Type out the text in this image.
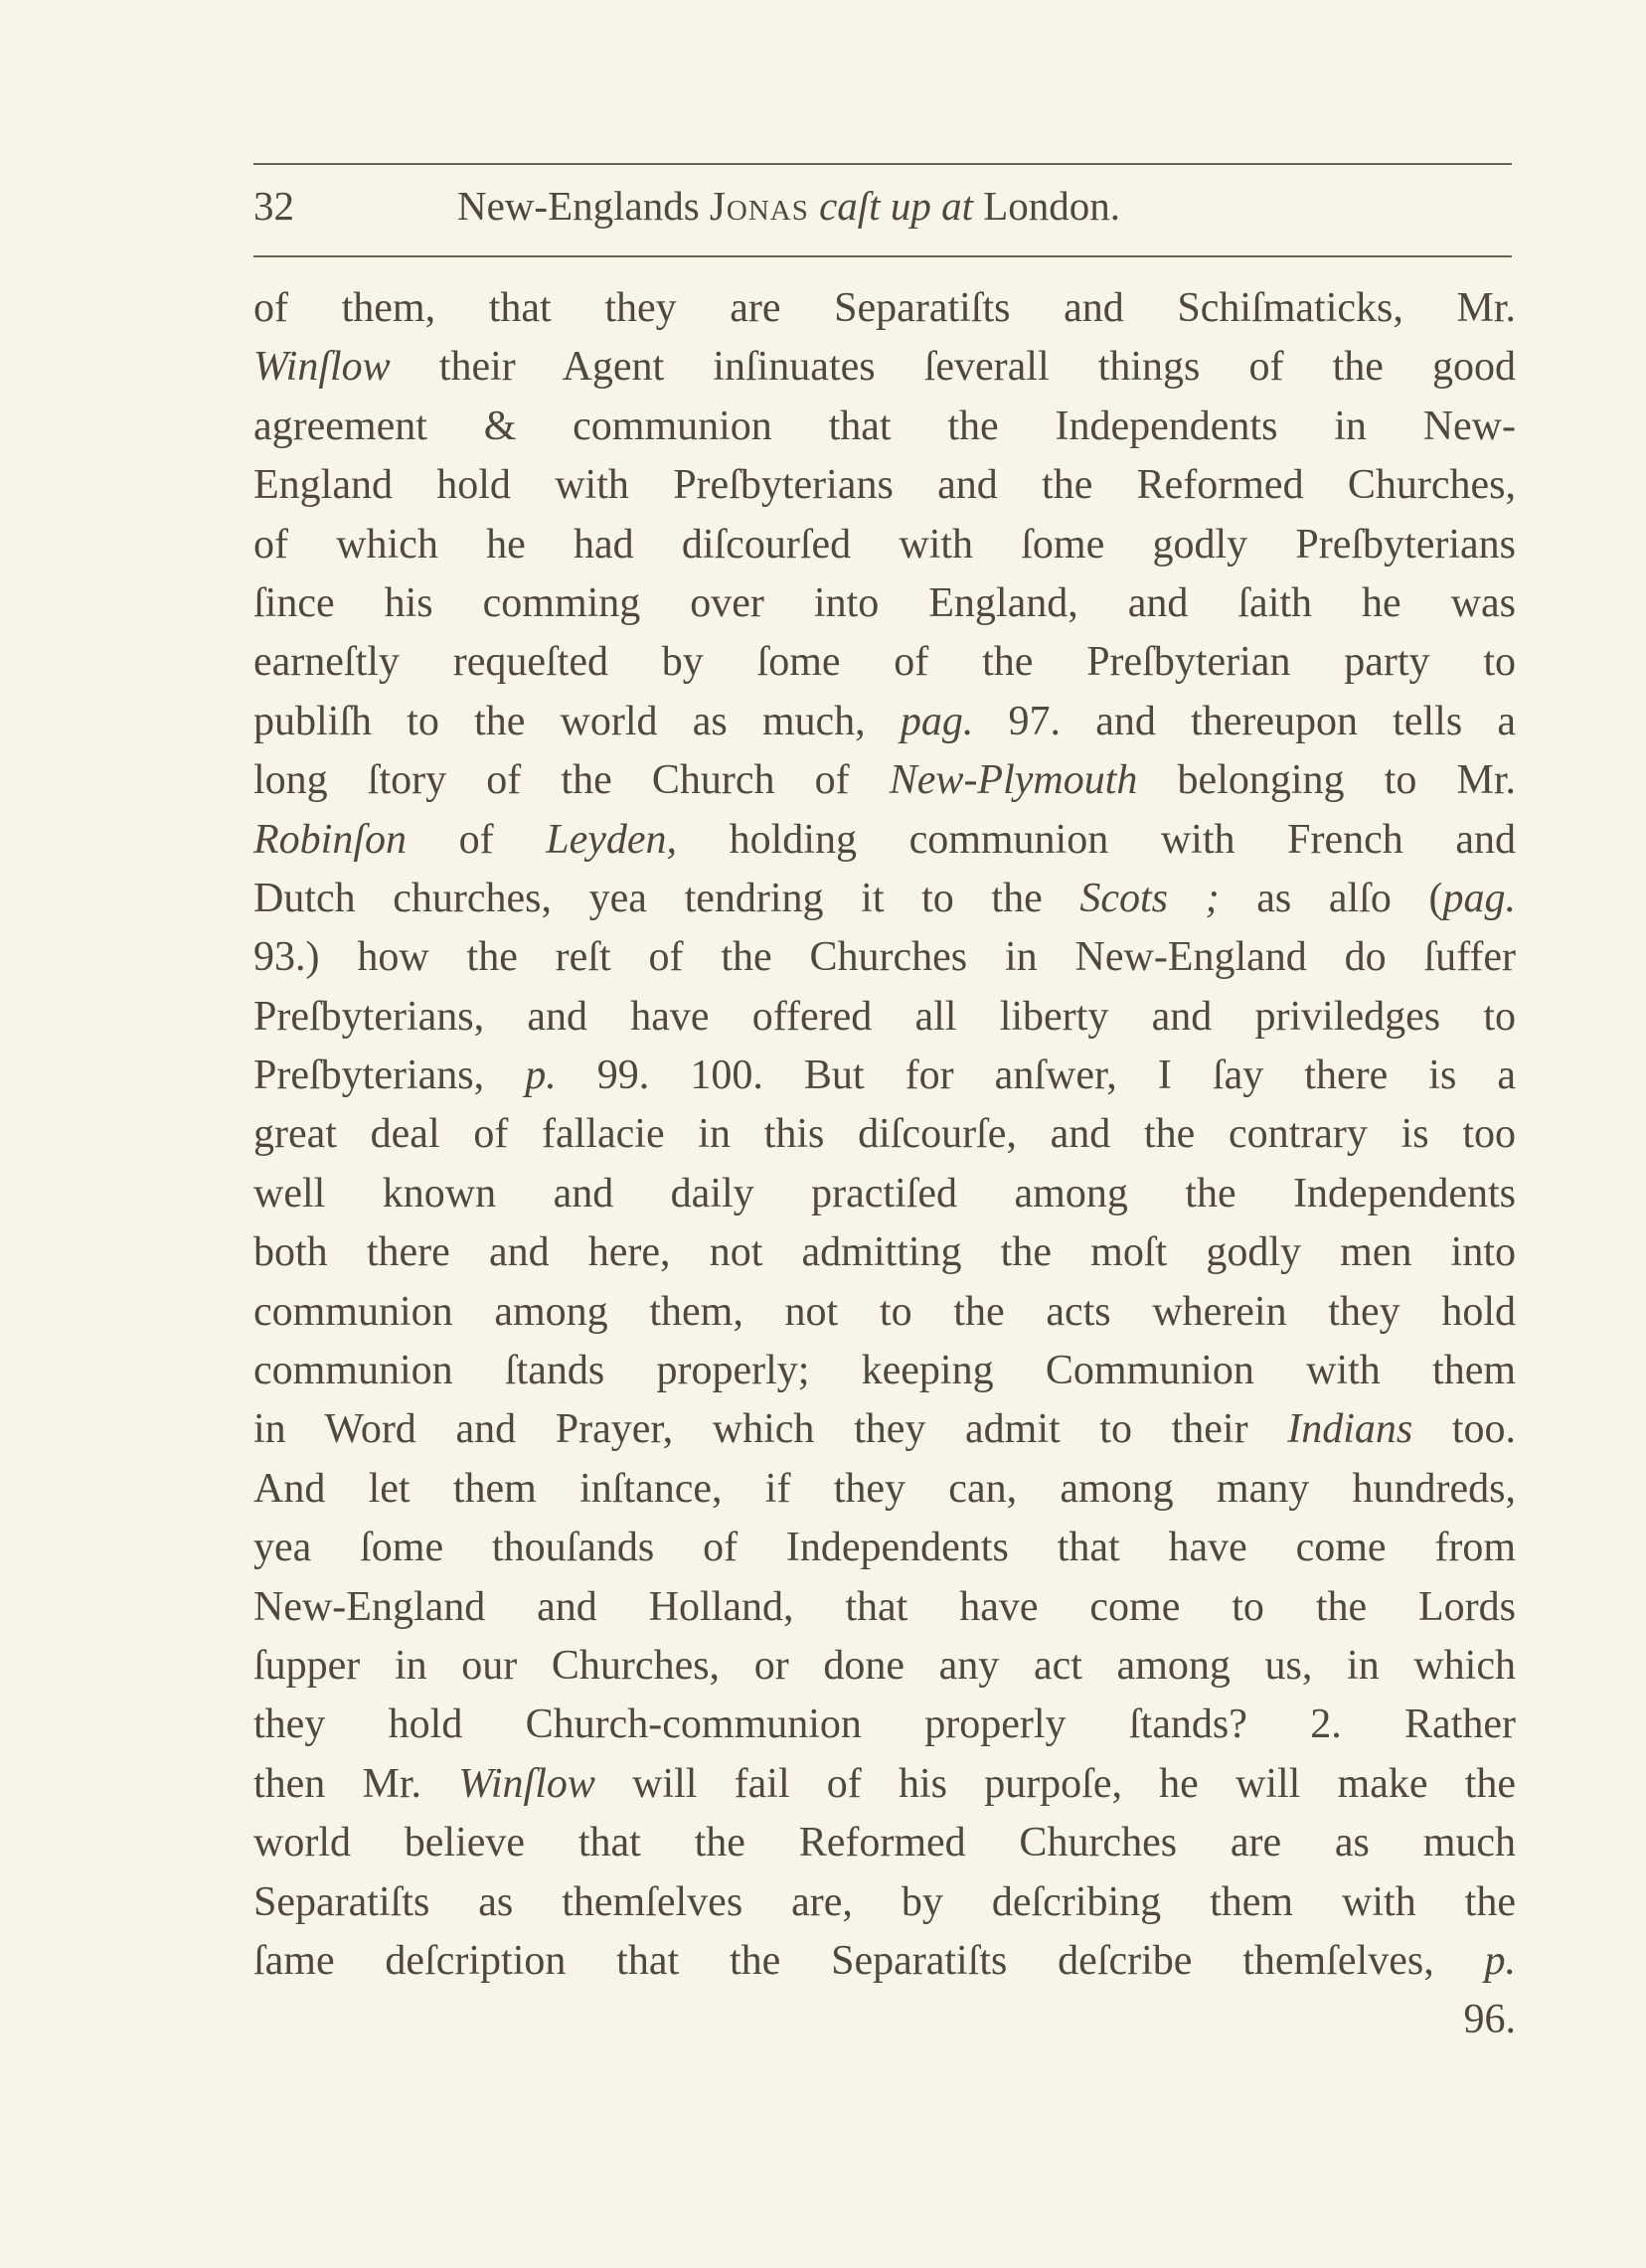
32	New-Englands Jonas caſt up at London.
of them, that they are Separatiſts and Schiſmaticks, Mr.
Winſlow their Agent inſinuates ſeverall things of the good
agreement & communion that the Independents in New-
England hold with Preſbyterians and the Reformed Churches,
of which he had diſcourſed with ſome godly Preſbyterians
ſince his comming over into England, and ſaith he was
earneſtly requeſted by ſome of the Preſbyterian party to
publiſh to the world as much, pag. 97. and thereupon tells a
long ſtory of the Church of New-Plymouth belonging to Mr.
Robinſon of Leyden, holding communion with French and
Dutch churches, yea tendring it to the Scots ; as alſo (pag.
93.) how the reſt of the Churches in New-England do ſuffer
Preſbyterians, and have offered all liberty and priviledges to
Preſbyterians, p. 99. 100. But for anſwer, I ſay there is a
great deal of fallacie in this diſcourſe, and the contrary is too
well known and daily practiſed among the Independents
both there and here, not admitting the moſt godly men into
communion among them, not to the acts wherein they hold
communion ſtands properly; keeping Communion with them
in Word and Prayer, which they admit to their Indians too.
And let them inſtance, if they can, among many hundreds,
yea ſome thouſands of Independents that have come from
New-England and Holland, that have come to the Lords
ſupper in our Churches, or done any act among us, in which
they hold Church-communion properly ſtands? 2. Rather
then Mr. Winſlow will fail of his purpoſe, he will make the
world believe that the Reformed Churches are as much
Separatiſts as themſelves are, by deſcribing them with the
ſame deſcription that the Separatiſts deſcribe themſelves, p.
96.
